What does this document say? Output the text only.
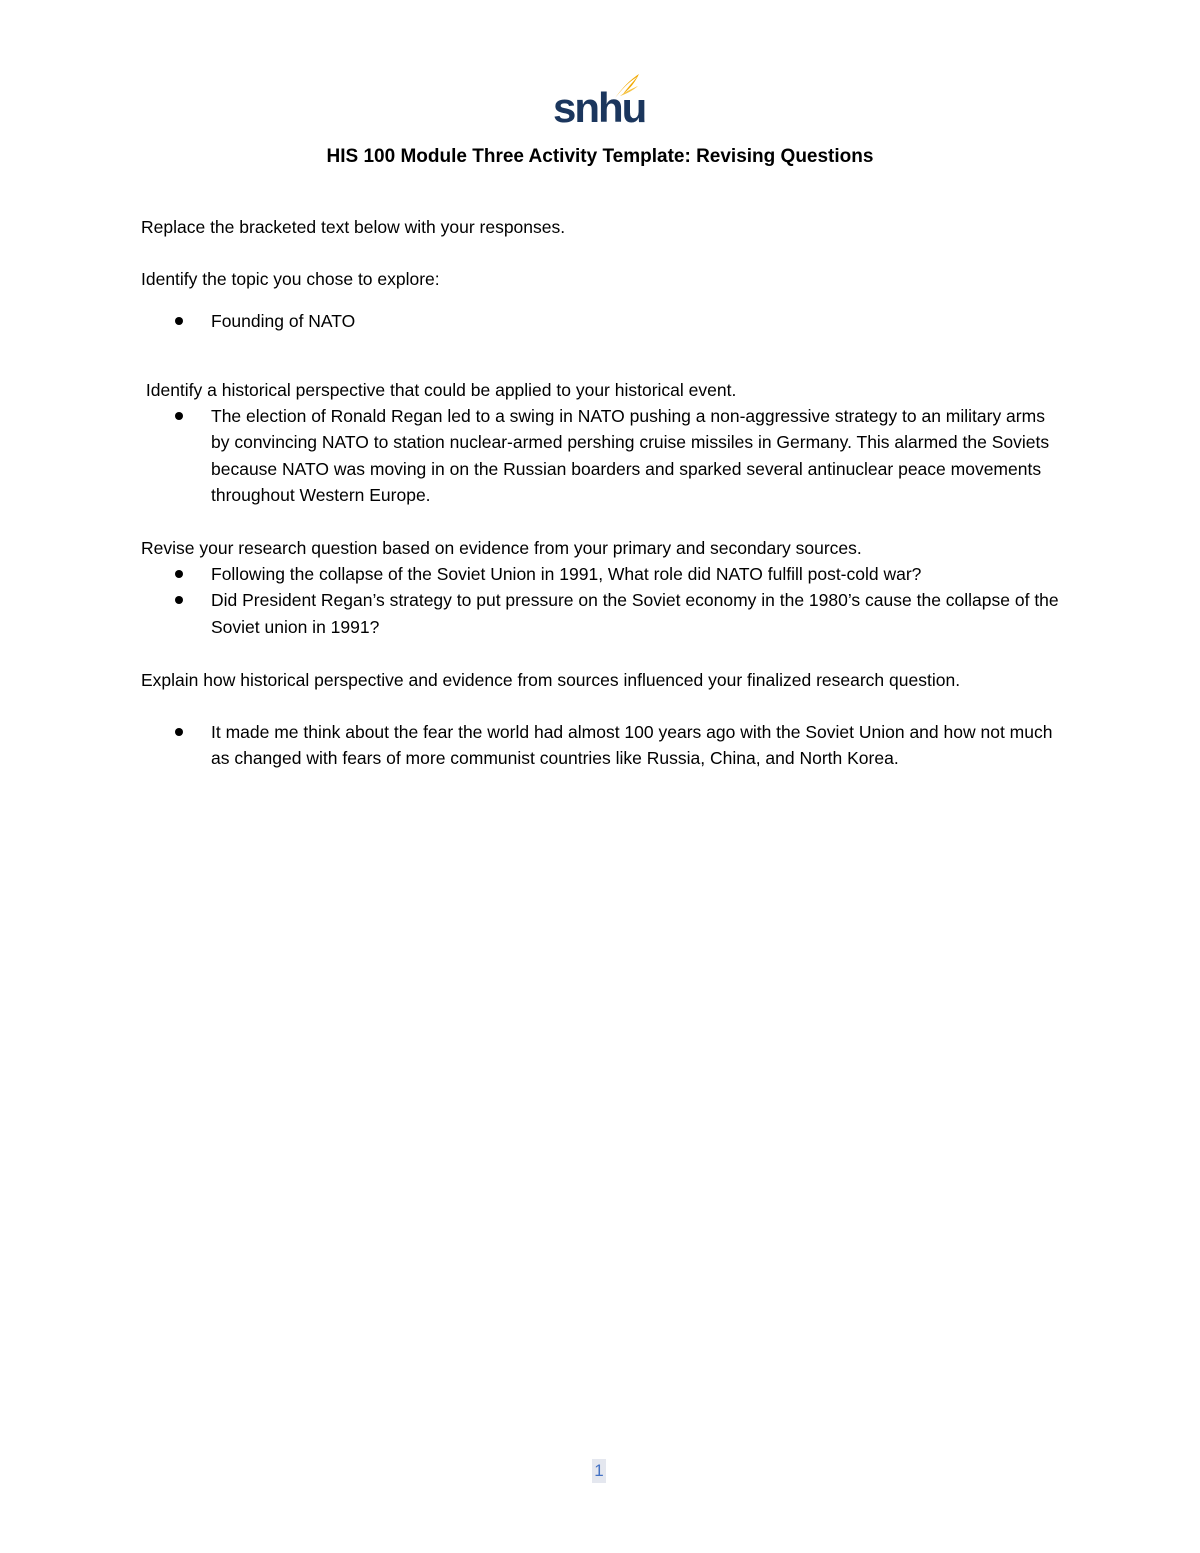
snhu
HIS 100 Module Three Activity Template: Revising Questions

Replace the bracketed text below with your responses.

Identify the topic you chose to explore:

Founding of NATO

Identify a historical perspective that could be applied to your historical event.

The election of Ronald Regan led to a swing in NATO pushing a non-aggressive strategy to an military arms by convincing NATO to station nuclear-armed pershing cruise missiles in Germany. This alarmed the Soviets because NATO was moving in on the Russian boarders and sparked several antinuclear peace movements throughout Western Europe.

Revise your research question based on evidence from your primary and secondary sources.

Following the collapse of the Soviet Union in 1991, What role did NATO fulfill post-cold war?
Did President Regan’s strategy to put pressure on the Soviet economy in the 1980’s cause the collapse of the Soviet union in 1991?

Explain how historical perspective and evidence from sources influenced your finalized research question.

It made me think about the fear the world had almost 100 years ago with the Soviet Union and how not much as changed with fears of more communist countries like Russia, China, and North Korea.
1
